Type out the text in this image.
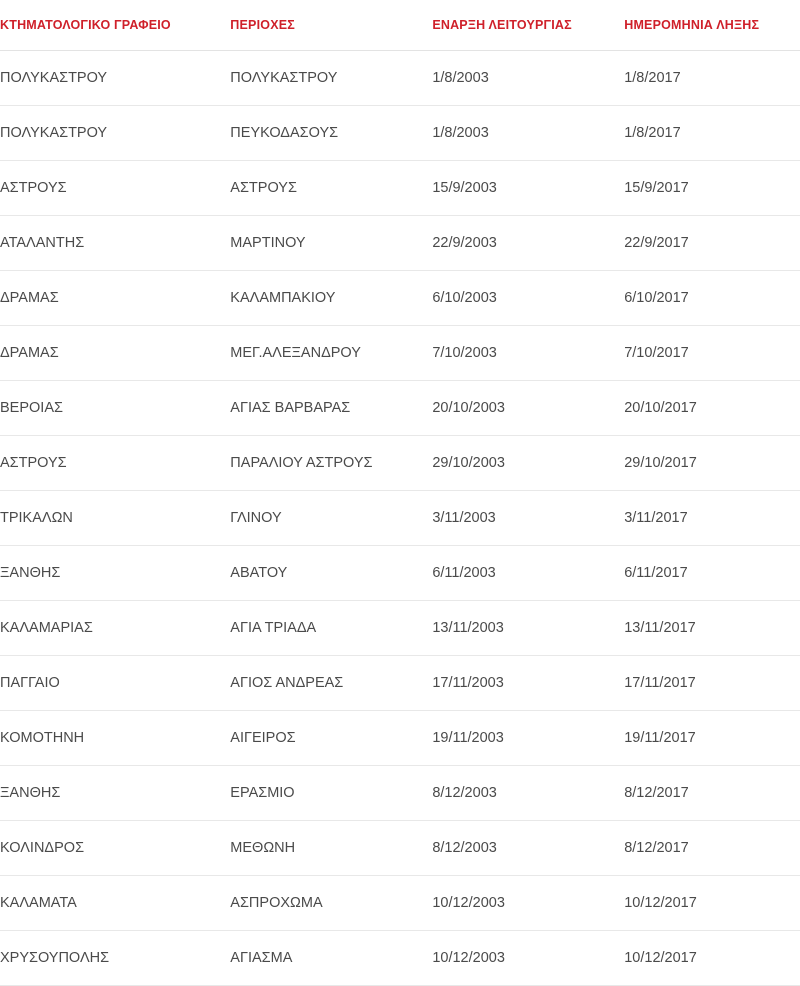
ΚΤΗΜΑΤΟΛΟΓΙΚΟ ΓΡΑΦΕΙΟ	ΠΕΡΙΟΧΕΣ	ΕΝΑΡΞΗ ΛΕΙΤΟΥΡΓΙΑΣ	ΗΜΕΡΟΜΗΝΙΑ ΛΗΞΗΣ
ΠΟΛΥΚΑΣΤΡΟΥ	ΠΟΛΥΚΑΣΤΡΟΥ	1/8/2003	1/8/2017
ΠΟΛΥΚΑΣΤΡΟΥ	ΠΕΥΚΟΔΑΣΟΥΣ	1/8/2003	1/8/2017
ΑΣΤΡΟΥΣ	ΑΣΤΡΟΥΣ	15/9/2003	15/9/2017
ΑΤΑΛΑΝΤΗΣ	ΜΑΡΤΙΝΟΥ	22/9/2003	22/9/2017
ΔΡΑΜΑΣ	ΚΑΛΑΜΠΑΚΙΟΥ	6/10/2003	6/10/2017
ΔΡΑΜΑΣ	ΜΕΓ.ΑΛΕΞΑΝΔΡΟΥ	7/10/2003	7/10/2017
ΒΕΡΟΙΑΣ	ΑΓΙΑΣ ΒΑΡΒΑΡΑΣ	20/10/2003	20/10/2017
ΑΣΤΡΟΥΣ	ΠΑΡΑΛΙΟΥ ΑΣΤΡΟΥΣ	29/10/2003	29/10/2017
ΤΡΙΚΑΛΩΝ	ΓΛΙΝΟΥ	3/11/2003	3/11/2017
ΞΑΝΘΗΣ	ΑΒΑΤΟΥ	6/11/2003	6/11/2017
ΚΑΛΑΜΑΡΙΑΣ	ΑΓΙΑ ΤΡΙΑΔΑ	13/11/2003	13/11/2017
ΠΑΓΓΑΙΟ	ΑΓΙΟΣ ΑΝΔΡΕΑΣ	17/11/2003	17/11/2017
ΚΟΜΟΤΗΝΗ	ΑΙΓΕΙΡΟΣ	19/11/2003	19/11/2017
ΞΑΝΘΗΣ	ΕΡΑΣΜΙΟ	8/12/2003	8/12/2017
ΚΟΛΙΝΔΡΟΣ	ΜΕΘΩΝΗ	8/12/2003	8/12/2017
ΚΑΛΑΜΑΤΑ	ΑΣΠΡΟΧΩΜΑ	10/12/2003	10/12/2017
ΧΡΥΣΟΥΠΟΛΗΣ	ΑΓΙΑΣΜΑ	10/12/2003	10/12/2017
